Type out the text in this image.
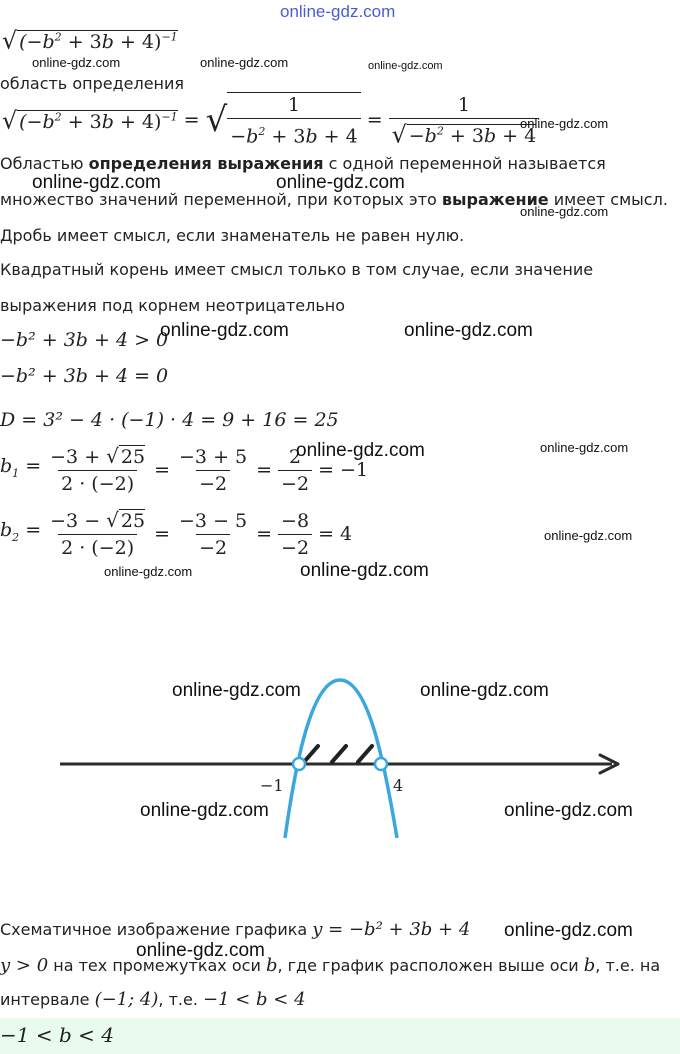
online-gdz.com
√ $(-b^2 + 3b + 4)^{-1}$
область определения
√ $(-b^2 + 3b + 4)^{-1}$ = √ $\frac{1}{-b^2 + 3b + 4} = \frac{1}{√ -b^2 + 3b + 4}$
Областью определения выражения с одной переменной называется
множество значений переменной, при которых это выражение имеет смысл.
Дробь имеет смысл, если знаменатель не равен нулю.
Квадратный корень имеет смысл только в том случае, если значение
выражения под корнем неотрицательно
−b² + 3b + 4 > 0
−b² + 3b + 4 = 0
D = 3² − 4 · (−1) · 4 = 9 + 16 = 25
$b_1 = \frac{-3 + √ 25}{2 \cdot (-2)} = \frac{-3 + 5}{-2} = \frac{2}{-2} = -1$
$b_2 = \frac{-3 - √ 25}{2 \cdot (-2)} = \frac{-3 - 5}{-2} = \frac{-8}{-2} = 4$
−1	4
Схематичное изображение графика y = −b² + 3b + 4
y > 0 на тех промежутках оси b, где график расположен выше оси b, т.е. на
интервале (−1; 4), т.е. −1 < b < 4
−1 < b < 4
online-gdz.com	online-gdz.com	online-gdz.com
online-gdz.com
online-gdz.com	online-gdz.com
online-gdz.com
online-gdz.com	online-gdz.com
online-gdz.com	online-gdz.com
online-gdz.com
online-gdz.com	online-gdz.com
online-gdz.com	online-gdz.com
online-gdz.com	online-gdz.com
online-gdz.com
online-gdz.com
